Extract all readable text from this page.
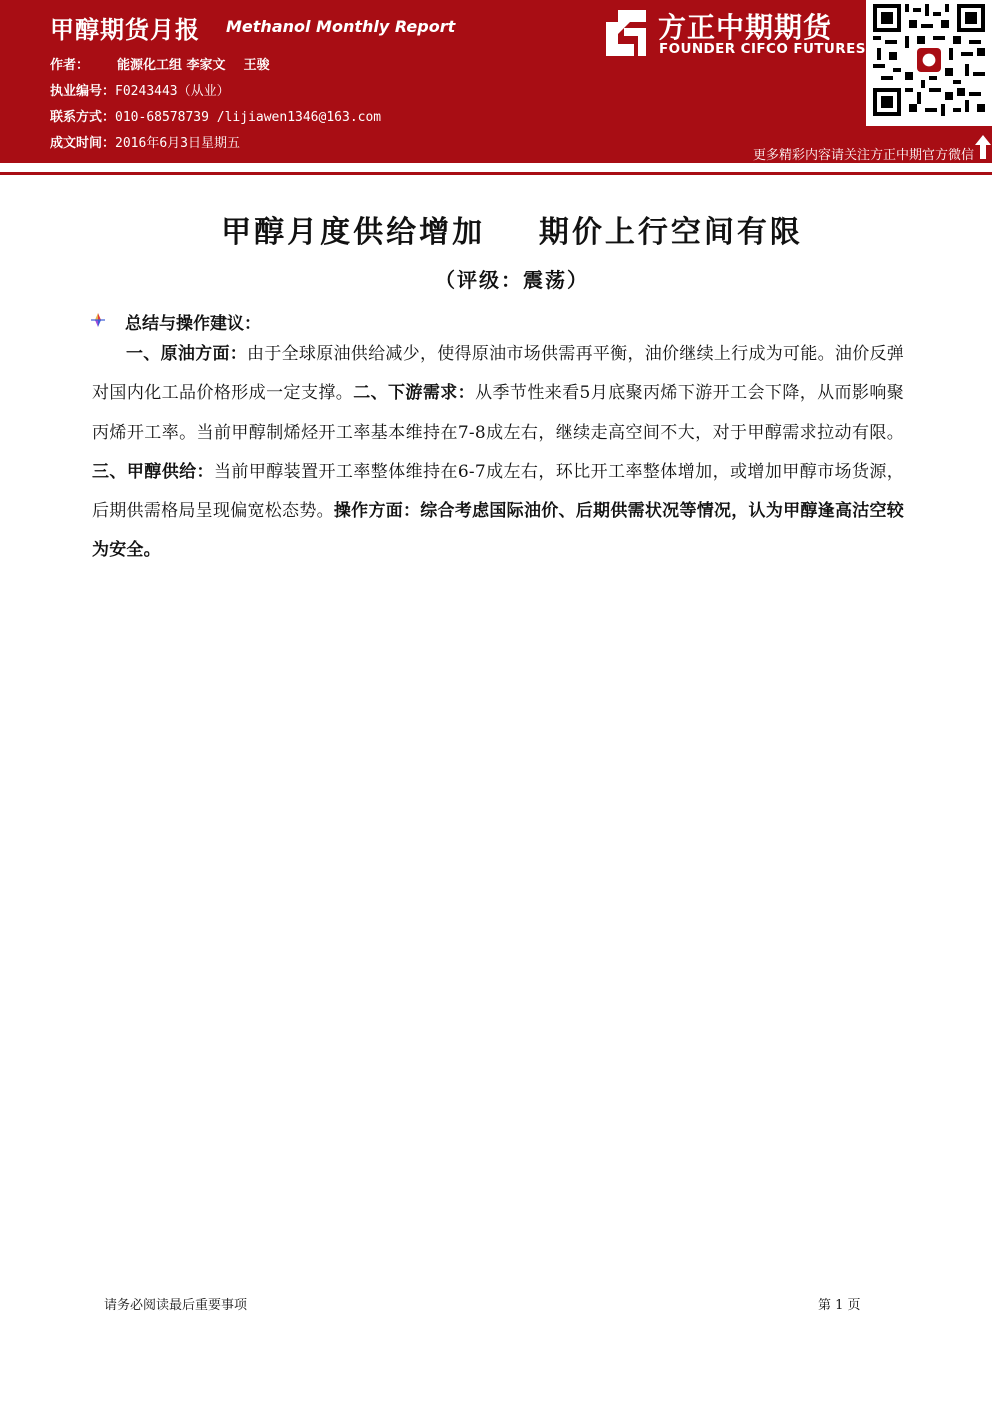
甲醇期货月报 Methanol Monthly Report
作者： 能源化工组 李家文    王骏
执业编号：F0243443（从业）
联系方式：010-68578739 /lijiawen1346@163.com
成文时间：2016年6月3日星期五
方正中期期货
FOUNDER CIFCO FUTURES
更多精彩内容请关注方正中期官方微信
甲醇月度供给增加    期价上行空间有限
（评级：震荡）
总结与操作建议：
一、原油方面：由于全球原油供给减少，使得原油市场供需再平衡，油价继续上行成为可能。油价反弹对国内化工品价格形成一定支撑。二、下游需求：从季节性来看5月底聚丙烯下游开工会下降，从而影响聚丙烯开工率。当前甲醇制烯烃开工率基本维持在7-8成左右，继续走高空间不大，对于甲醇需求拉动有限。三、甲醇供给：当前甲醇装置开工率整体维持在6-7成左右，环比开工率整体增加，或增加甲醇市场货源，后期供需格局呈现偏宽松态势。操作方面：综合考虑国际油价、后期供需状况等情况，认为甲醇逢高沽空较为安全。
请务必阅读最后重要事项	第 1 页
